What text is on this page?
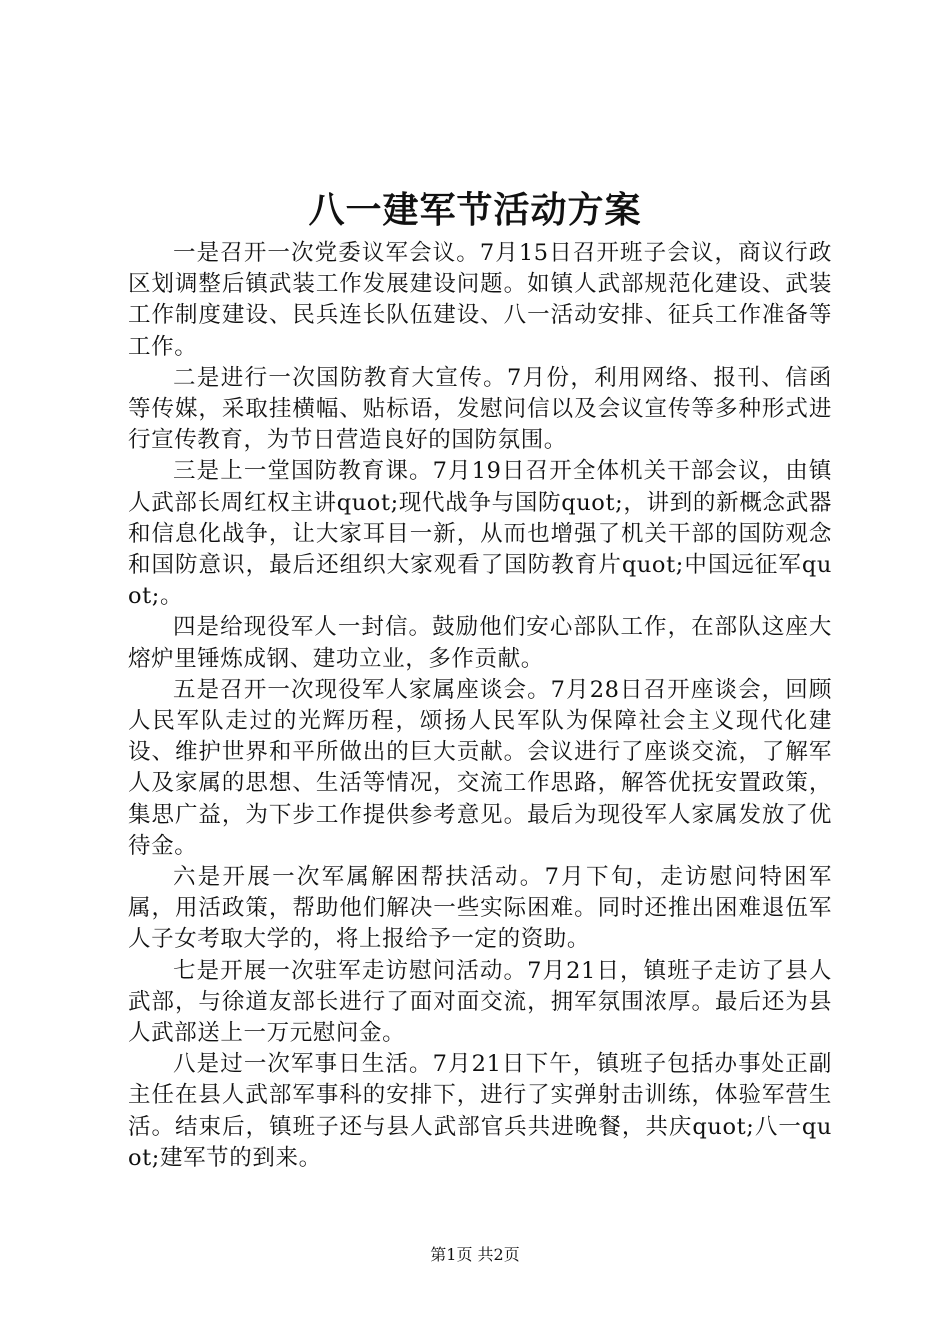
八一建军节活动方案

一是召开一次党委议军会议。7月15日召开班子会议，商议行政区划调整后镇武装工作发展建设问题。如镇人武部规范化建设、武装工作制度建设、民兵连长队伍建设、八一活动安排、征兵工作准备等工作。

二是进行一次国防教育大宣传。7月份，利用网络、报刊、信函等传媒，采取挂横幅、贴标语，发慰问信以及会议宣传等多种形式进行宣传教育，为节日营造良好的国防氛围。

三是上一堂国防教育课。7月19日召开全体机关干部会议，由镇人武部长周红权主讲quot;现代战争与国防quot;，讲到的新概念武器和信息化战争，让大家耳目一新，从而也增强了机关干部的国防观念和国防意识，最后还组织大家观看了国防教育片quot;中国远征军quot;。

四是给现役军人一封信。鼓励他们安心部队工作，在部队这座大熔炉里锤炼成钢、建功立业，多作贡献。

五是召开一次现役军人家属座谈会。7月28日召开座谈会，回顾人民军队走过的光辉历程，颂扬人民军队为保障社会主义现代化建设、维护世界和平所做出的巨大贡献。会议进行了座谈交流，了解军人及家属的思想、生活等情况，交流工作思路，解答优抚安置政策，集思广益，为下步工作提供参考意见。最后为现役军人家属发放了优待金。

六是开展一次军属解困帮扶活动。7月下旬，走访慰问特困军属，用活政策，帮助他们解决一些实际困难。同时还推出困难退伍军人子女考取大学的，将上报给予一定的资助。

七是开展一次驻军走访慰问活动。7月21日，镇班子走访了县人武部，与徐道友部长进行了面对面交流，拥军氛围浓厚。最后还为县人武部送上一万元慰问金。

八是过一次军事日生活。7月21日下午，镇班子包括办事处正副主任在县人武部军事科的安排下，进行了实弹射击训练，体验军营生活。结束后，镇班子还与县人武部官兵共进晚餐，共庆quot;八一quot;建军节的到来。

第1页 共2页
